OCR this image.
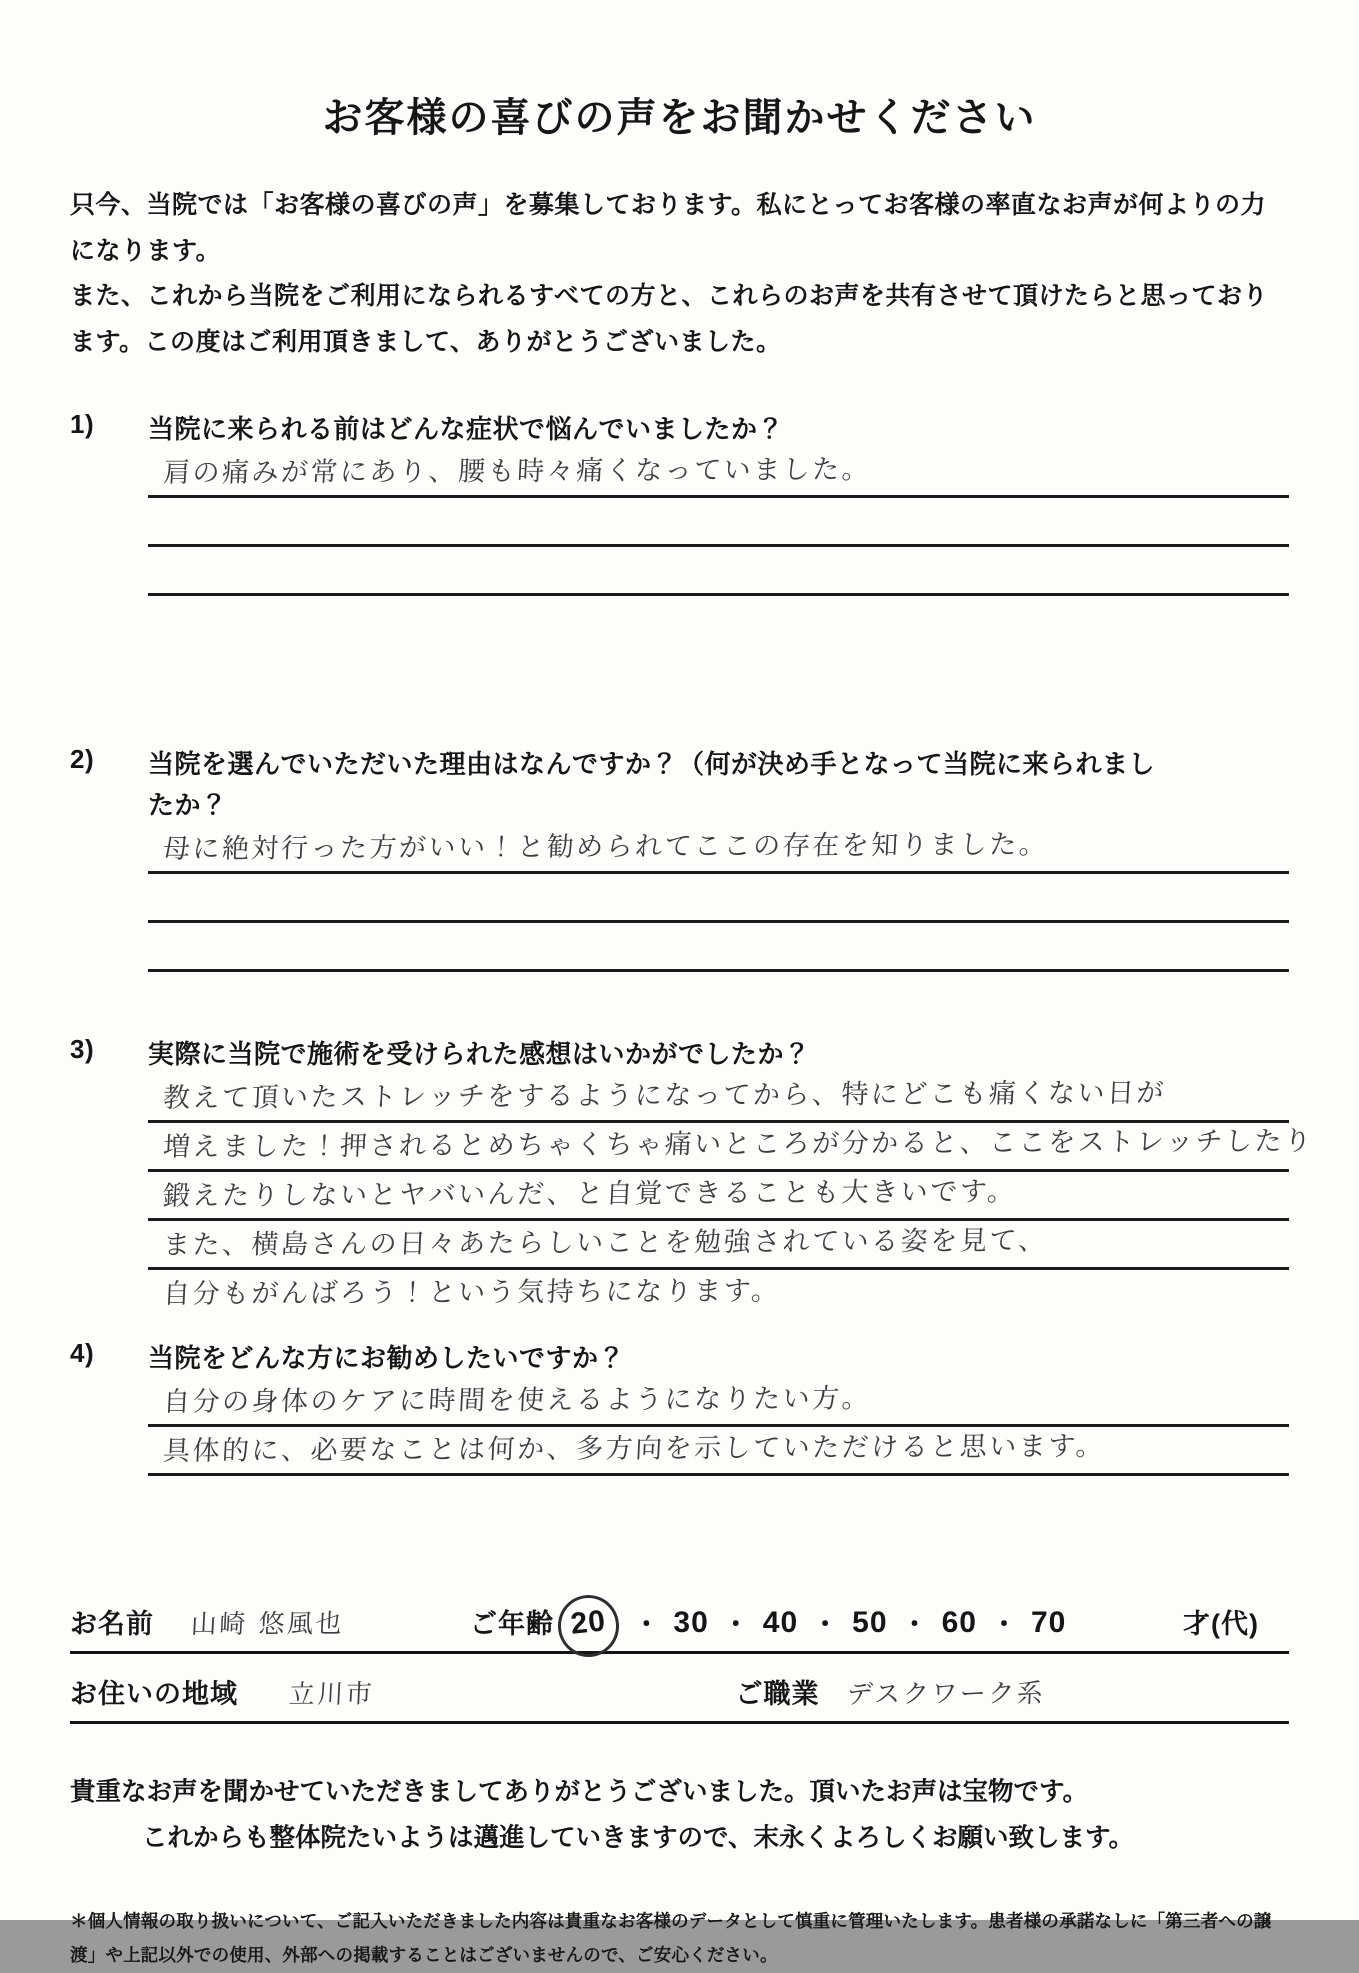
お客様の喜びの声をお聞かせください

只今、当院では「お客様の喜びの声」を募集しております。私にとってお客様の率直なお声が何よりの力になります。

また、これから当院をご利用になられるすべての方と、これらのお声を共有させて頂けたらと思っております。この度はご利用頂きまして、ありがとうございました。

1)	当院に来られる前はどんな症状で悩んでいましたか？
肩の痛みが常にあり、腰も時々痛くなっていました。
2)	当院を選んでいただいた理由はなんですか？（何が決め手となって当院に来られましたか？
母に絶対行った方がいい！と勧められてここの存在を知りました。
3)	実際に当院で施術を受けられた感想はいかがでしたか？
教えて頂いたストレッチをするようになってから、特にどこも痛くない日が
増えました！押されるとめちゃくちゃ痛いところが分かると、ここをストレッチしたり
鍛えたりしないとヤバいんだ、と自覚できることも大きいです。
また、横島さんの日々あたらしいことを勉強されている姿を見て、
自分もがんばろう！という気持ちになります。
4)	当院をどんな方にお勧めしたいですか？
自分の身体のケアに時間を使えるようになりたい方。
具体的に、必要なことは何か、多方向を示していただけると思います。
お名前 山崎 悠風也	ご年齢 20 ・ 30 ・ 40 ・ 50 ・ 60 ・ 70	才(代)
お住いの地域 立川市	ご職業 デスクワーク系

貴重なお声を聞かせていただきましてありがとうございました。頂いたお声は宝物です。

これからも整体院たいようは邁進していきますので、末永くよろしくお願い致します。

＊個人情報の取り扱いについて、ご記入いただきました内容は貴重なお客様のデータとして慎重に管理いたします。患者様の承諾なしに「第三者への譲渡」や上記以外での使用、外部への掲載することはございませんので、ご安心ください。
